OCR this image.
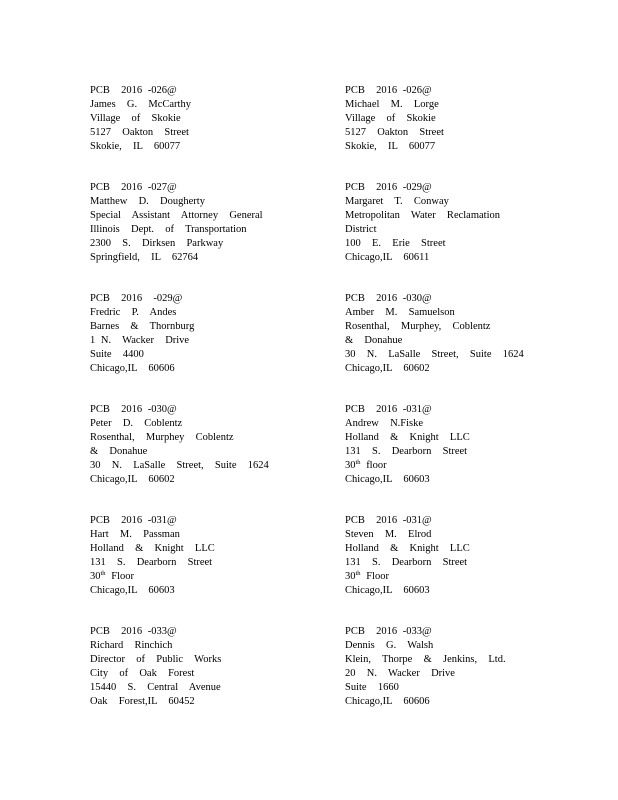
PCB  2016 -026@
James  G.  McCarthy
Village  of  Skokie
5127  Oakton  Street
Skokie,  IL  60077
PCB  2016 -026@
Michael  M.  Lorge
Village  of  Skokie
5127  Oakton  Street
Skokie,  IL  60077
PCB  2016 -027@
Matthew  D.  Dougherty
Special  Assistant  Attorney  General
Illinois  Dept.  of  Transportation
2300  S.  Dirksen  Parkway
Springfield,  IL  62764
PCB  2016 -029@
Margaret  T.  Conway
Metropolitan  Water  Reclamation
District
100  E.  Erie  Street
Chicago,IL  60611
PCB  2016  -029@
Fredric  P.  Andes
Barnes  &  Thornburg
1 N.  Wacker  Drive
Suite  4400
Chicago,IL  60606
PCB  2016 -030@
Amber  M.  Samuelson
Rosenthal,  Murphey,  Coblentz
&  Donahue
30  N.  LaSalle  Street,  Suite  1624
Chicago,IL  60602
PCB  2016 -030@
Peter  D.  Coblentz
Rosenthal,  Murphey  Coblentz
&  Donahue
30  N.  LaSalle  Street,  Suite  1624
Chicago,IL  60602
PCB  2016 -031@
Andrew  N.Fiske
Holland  &  Knight  LLC
131  S.  Dearborn  Street
30th floor
Chicago,IL  60603
PCB  2016 -031@
Hart  M.  Passman
Holland  &  Knight  LLC
131  S.  Dearborn  Street
30th Floor
Chicago,IL  60603
PCB  2016 -031@
Steven  M.  Elrod
Holland  &  Knight  LLC
131  S.  Dearborn  Street
30th Floor
Chicago,IL  60603
PCB  2016 -033@
Richard  Rinchich
Director  of  Public  Works
City  of  Oak  Forest
15440  S.  Central  Avenue
Oak  Forest,IL  60452
PCB  2016 -033@
Dennis  G.  Walsh
Klein,  Thorpe  &  Jenkins,  Ltd.
20  N.  Wacker  Drive
Suite  1660
Chicago,IL  60606
